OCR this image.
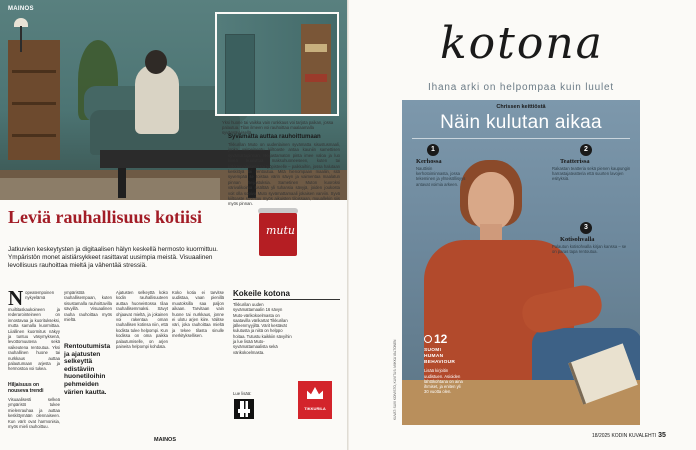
MAINOS
Yksi huone tai vaikka vain runkkaus voi tarjota paikan, jossa palautua. Tilan ilmeen voi rauhoittaa maalaamalla syvänsävyisellä.
Syvämatta auttaa rauhoittumaan
Tikkurilan Muto on uudenlainen syvämatta sisustusmaali, jonka vaimeinentu kiiltoaste antaa kauniin samettisen syvämattapinnan. Heijastamaton pinta imee valoa ja luo kiveä kuoluttua maksuhuoneeseen, kuten tai kirkkaavalaiseen tai työpisteelle – paikkaihin, jossa halutaan keskittyä tai rentoutua. Mitä hienompaan maaliin, sitä syvempää se toistaa värin sävyn ja vaimentaa maalatun pinnan heijastuksia. Sametinen Muton kuoroksi värivalikoima sisältää yli tuhansia sävyjä, joiden joukosta voit olla sopiva Muto syvämattamaali jokaisen varviin. Syvä kiiltoaste soveltuu myös aikuisten tiloissaan, muuallekin siis myös pinnan.
mutu
Leviä rauhallisuus kotiisi
Jatkuvien keskeytysten ja digitaalisen hälyn keskellä hermosto kuormittuu. Ympäristön monet aistiärsykkeet rasittavat uusimpia meistä. Visuaalinen levollisuus rauhoittaa mieltä ja vähentää stressiä.
Nopeatempoinen nykyelämä muiltitaskaukoineen ja rederarointeineen on innostavaa ja kuoritukseksi, mutta samalla kuormittaa. Liiallinen kuormitus näkyy ja tuntuu väsymyksenä, levottomuutena sekä vaikeutena rentoutua. Yksi rauhallinen huone tai nurkkaus auttaa palautumaan arjesta ja hermostoa voi tukea.
ympäristöä rauhallisempaan, kuten sisustamalla rauhoittavilla sävyillä. Visuaalinen rauha rauhoittaa myös mieltä.
Rentoutumista ja ajatusten selkeyttä edistäviin huonetiloihin pehmeiden värien kautta.
Ajatusten selkeyttä koko kodin rauhallisuuteen auttaa huoneistossa tilaa rauhallisemmaksi. Sävyt ohjaavat mieltä, ja jokainen voi rakentaa oman rauhallisen kotinsa niin, että kodista tulee helpompi. Kun kodissa on oma paikka palautumiselle, on arjen paineita helpompi kohdata.
Koko kotia ei tarvitse uudistaa, vaan pienillä muutoksilla saa paljon aikaan. Tarvitaan vain huone tai nurkkaus, jonne ei ulotu arjen kiire. Valitse väri, joka rauhoittaa mieltä ja tekee tilasta sinulle merkityksellisen.
Hiljaisuus on nouseva trendi
Visuaalisesti selkeä ympäristö tukee mielenrauhaa ja auttaa keskittymään olennaiseen. Kun värit ovat harmonisia, myös mieli rauhoittuu.
Kokeile kotona
Tikkurilan uuden syvämattamaalin 16 sävyn Muto-värikokoelmasta on saatavilla värikartat Tikkurilan jälleenmyyjiltä. Värit kestävät kulutusta ja niitä on helppo hoitaa. Tutustu kaikkiin sävyihin ja lue lisää Muto-syvämattamaalista sekä värikokoelmasta.
Lue lisää:
TIKKURILA
MAINOS
kotona
Ihana arki on helpompaa kuin luulet
Chrissen keittiöstä
Näin kulutan aikaa
1
Kerhossa
Nauttisin kerhotoiminnasta, jossa tekeminen ja yhteisöllisyys antavat voimia arkeen.
2
Teatterissa
Rakastan teatteria sekä pienen kaupungin harrastajateatteria että suurten lavojen esityksiä.
3
Kotisohvalla
Palautun kotisohvalla kirjan kanssa – se on paras tapa rentoutua.
12
SUOMI
HUMAN
BEHAVIOUR
Lisää kirjoitin uudistuen. Asioiden lähtökohtana on aina ihmiset, ja eniten yli 30 vuotta olen.
KUVAT: SUVI KOIVISTO, KUVITUS: MIIKKA VALTONEN
18/2025 KODIN KUVALEHTI 35
